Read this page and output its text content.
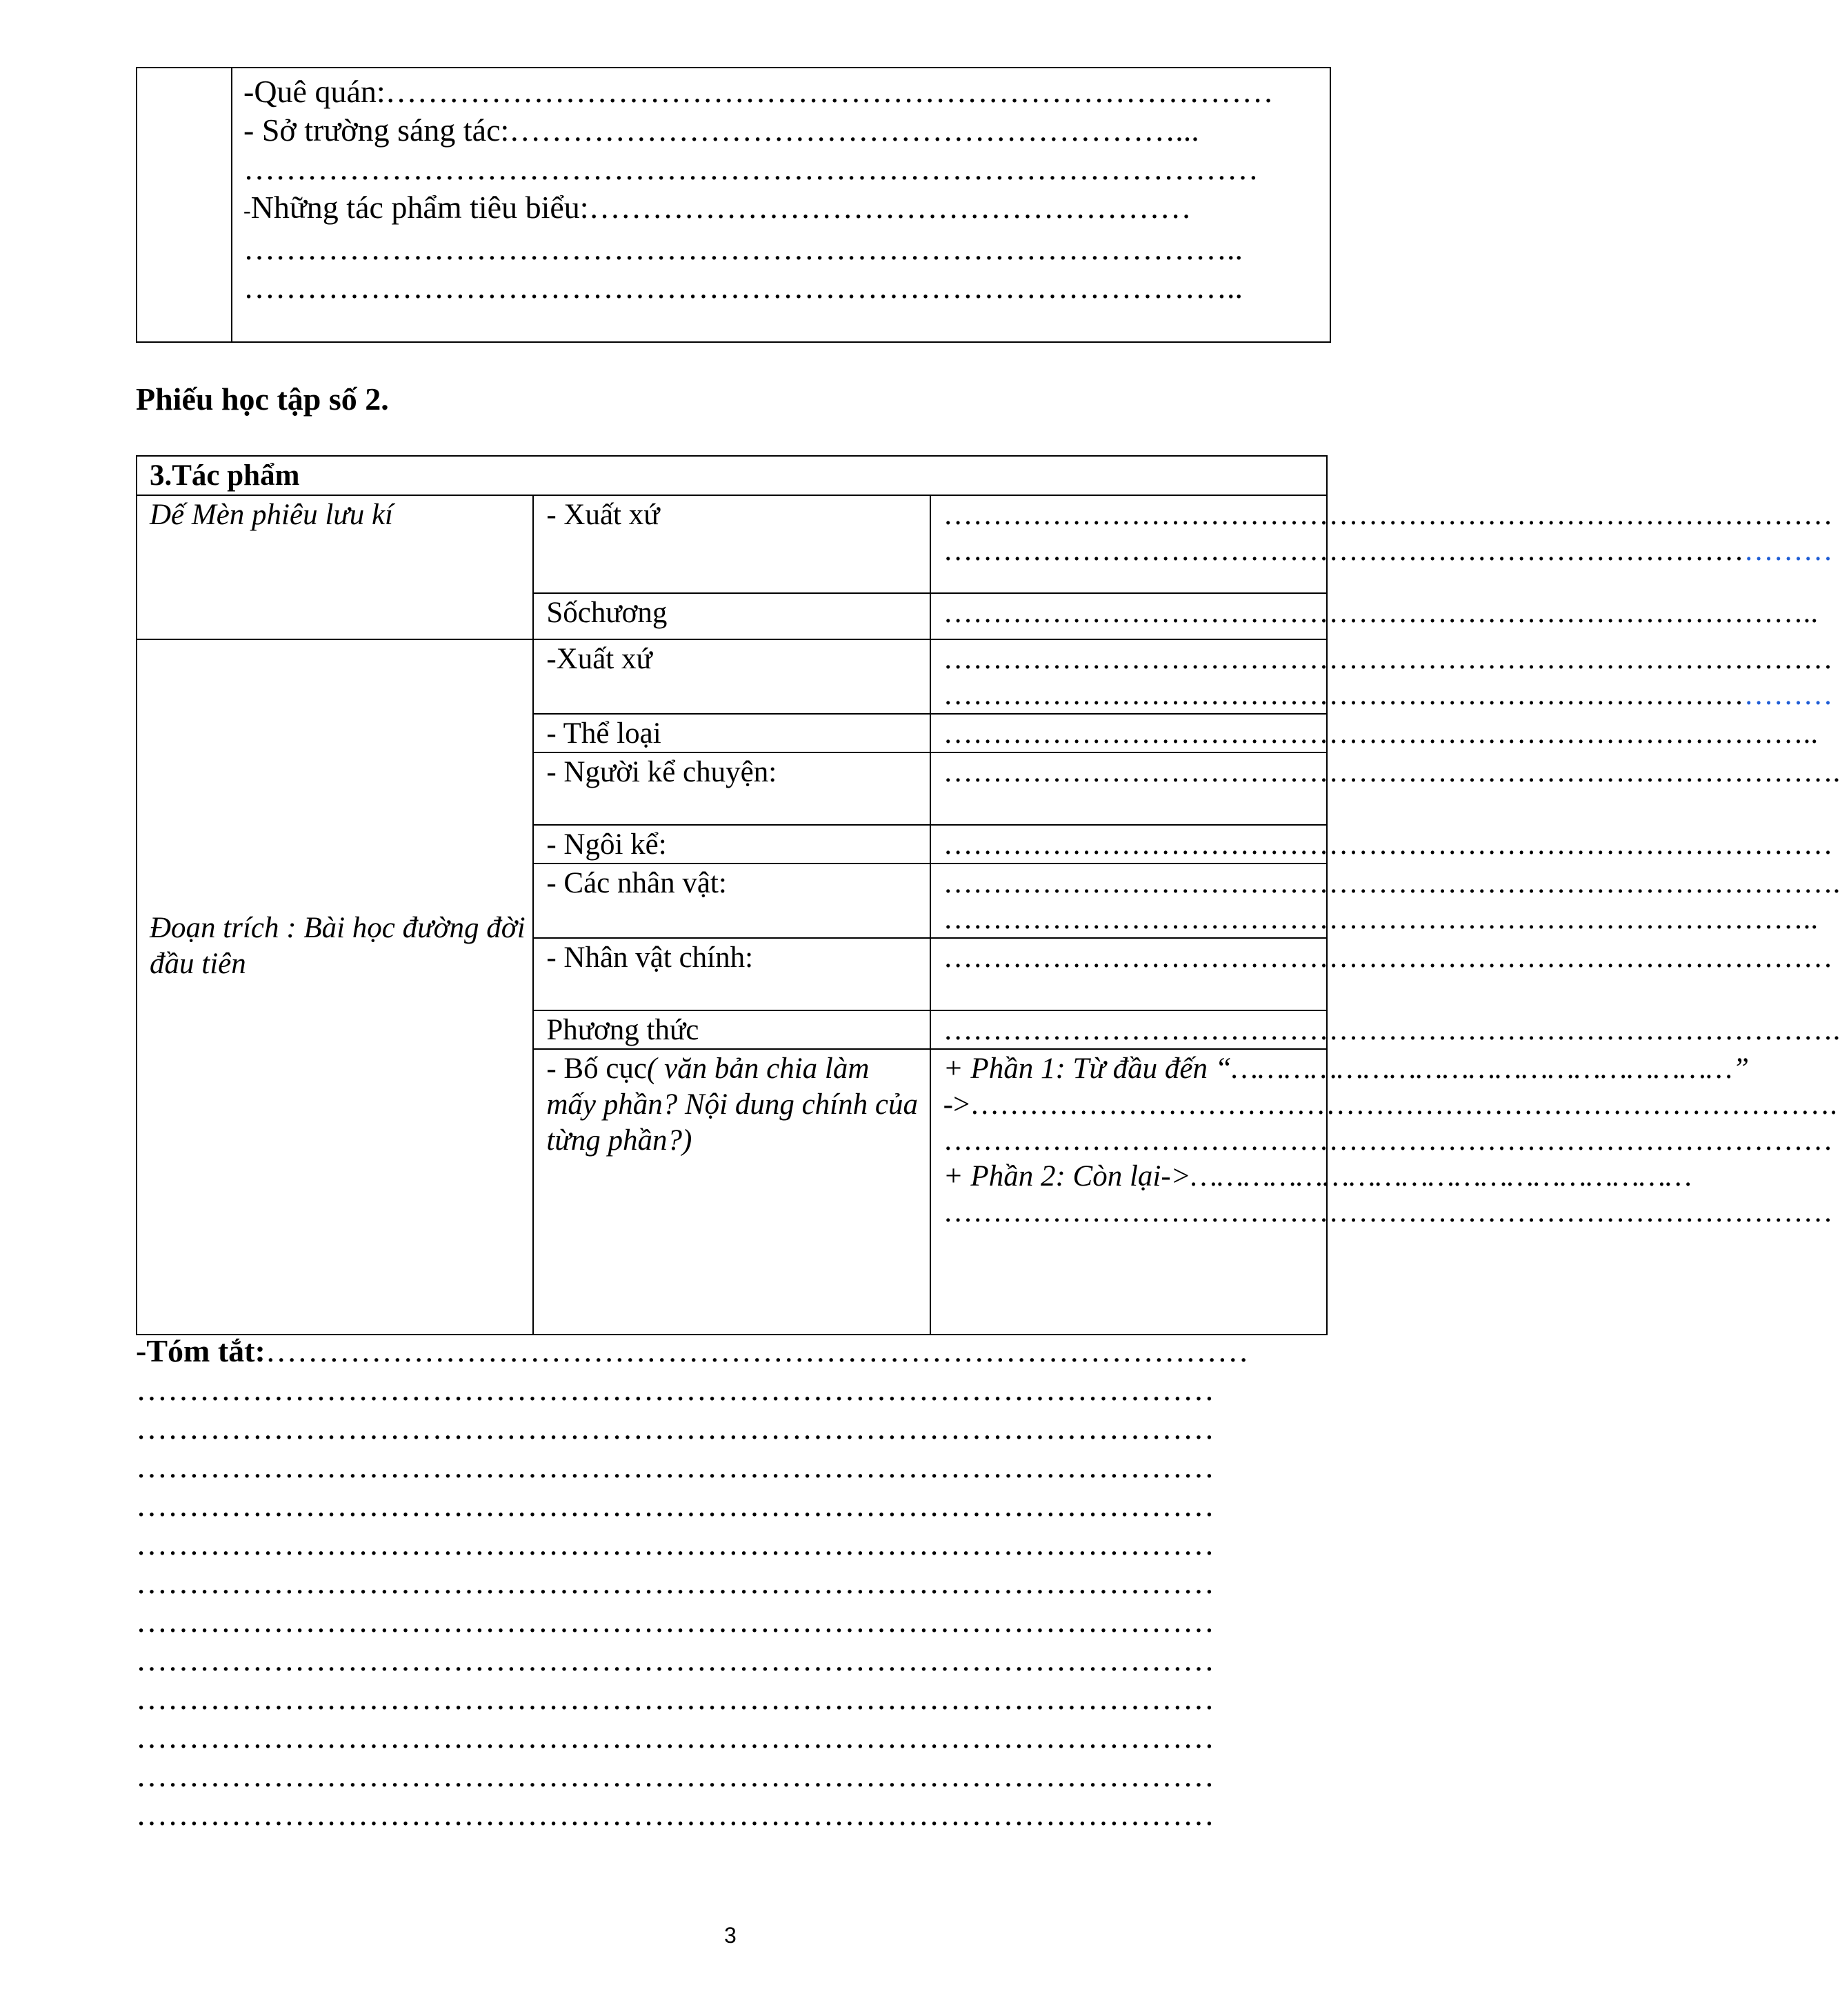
-Quê quán:…………………………………………………………………………
- Sở trường sáng tác:………………………………………………………...
……………………………………………………………………………………
-Những tác phẩm tiêu biểu:…………………………………………………
…………………………………………………………………………………..
…………………………………………………………………………………..
Phiếu học tập số 2.
3.Tác phẩm		
Dế Mèn phiêu lưu kí	- Xuất xứ	………………………………………………………………………………
………………………………………………………………………………

	Sốchương	……………………………………………………………………………..

Đoạn trích : Bài học đường đời đầu tiên	-Xuất xứ	………………………………………………………………………………
………………………………………………………………………………

	- Thể loại	……………………………………………………………………………..

	- Người kể chuyện:	……………………………………………………………………………….

	- Ngôi kể:	………………………………………………………………………………

	- Các nhân vật:	……………………………………………………………………………….
……………………………………………………………………………..

	- Nhân vật chính:	………………………………………………………………………………

	Phương thức	……………………………………………………………………………….

	- Bố cục( văn bản chia làm mấy phần? Nội dung chính của từng phần?)	+ Phần 1: Từ đầu đến “…………………………………………………”
->…………………………………………………………………………….
………………………………………………………………………………
+ Phần 2: Còn lại->…………………………………………………
………………………………………………………………………………
-Tóm tắt:…………………………………………………………………………………
…………………………………………………………………………………………
…………………………………………………………………………………………
…………………………………………………………………………………………
…………………………………………………………………………………………
…………………………………………………………………………………………
…………………………………………………………………………………………
…………………………………………………………………………………………
…………………………………………………………………………………………
…………………………………………………………………………………………
…………………………………………………………………………………………
…………………………………………………………………………………………
…………………………………………………………………………………………
3
